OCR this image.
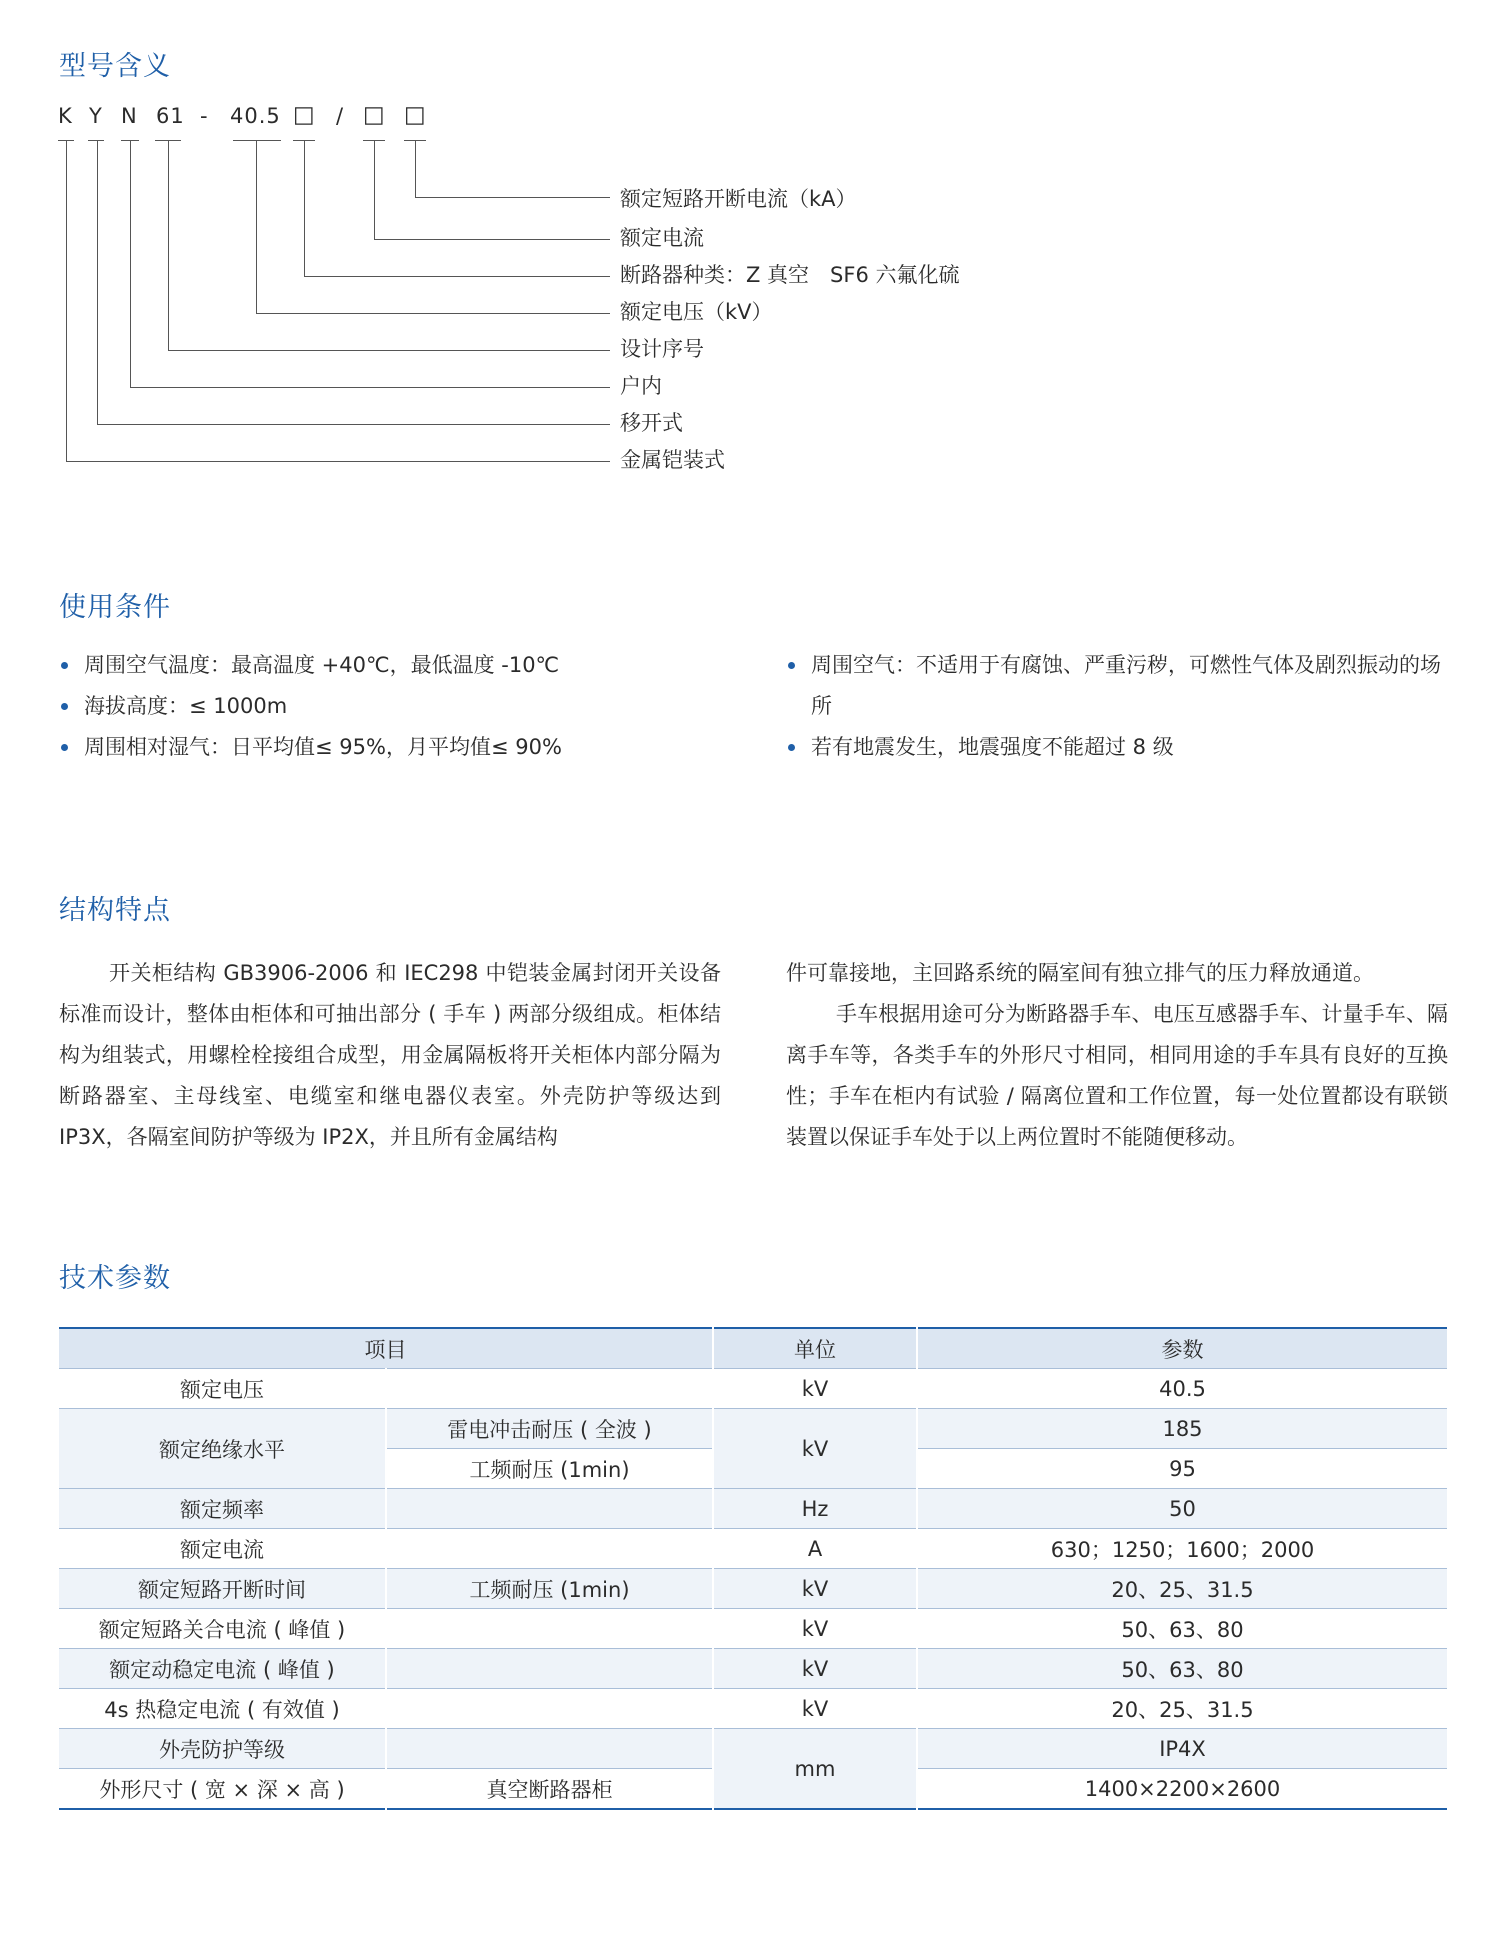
型号含义
K Y N 61 - 40.5 □ / □ □
额定短路开断电流（kA）
额定电流
断路器种类：Z 真空　SF6 六氟化硫
额定电压（kV）
设计序号
户内
移开式
金属铠装式
使用条件
周围空气温度：最高温度 +40℃，最低温度 -10℃
海拔高度：≤ 1000m
周围相对湿气：日平均值≤ 95%，月平均值≤ 90%
周围空气：不适用于有腐蚀、严重污秽，可燃性气体及剧烈振动的场所
若有地震发生，地震强度不能超过 8 级
结构特点

开关柜结构 GB3906-2006 和 IEC298 中铠装金属封闭开关设备标准而设计，整体由柜体和可抽出部分 ( 手车 ) 两部分级组成。柜体结构为组装式，用螺栓栓接组合成型，用金属隔板将开关柜体内部分隔为断路器室、主母线室、电缆室和继电器仪表室。外壳防护等级达到 IP3X，各隔室间防护等级为 IP2X，并且所有金属结构

件可靠接地，主回路系统的隔室间有独立排气的压力释放通道。

手车根据用途可分为断路器手车、电压互感器手车、计量手车、隔离手车等，各类手车的外形尺寸相同，相同用途的手车具有良好的互换性；手车在柜内有试验 / 隔离位置和工作位置，每一处位置都设有联锁装置以保证手车处于以上两位置时不能随便移动。

技术参数
项目		单位	参数
额定电压		kV	40.5
额定绝缘水平	雷电冲击耐压 ( 全波 )	kV	185
	工频耐压 (1min)		95
额定频率		Hz	50
额定电流		A	630；1250；1600；2000
额定短路开断时间	工频耐压 (1min)	kV	20、25、31.5
额定短路关合电流 ( 峰值 )		kV	50、63、80
额定动稳定电流 ( 峰值 )		kV	50、63、80
4s 热稳定电流 ( 有效值 )		kV	20、25、31.5
外壳防护等级		mm	IP4X
外形尺寸 ( 宽 × 深 × 高 )	真空断路器柜		1400×2200×2600
